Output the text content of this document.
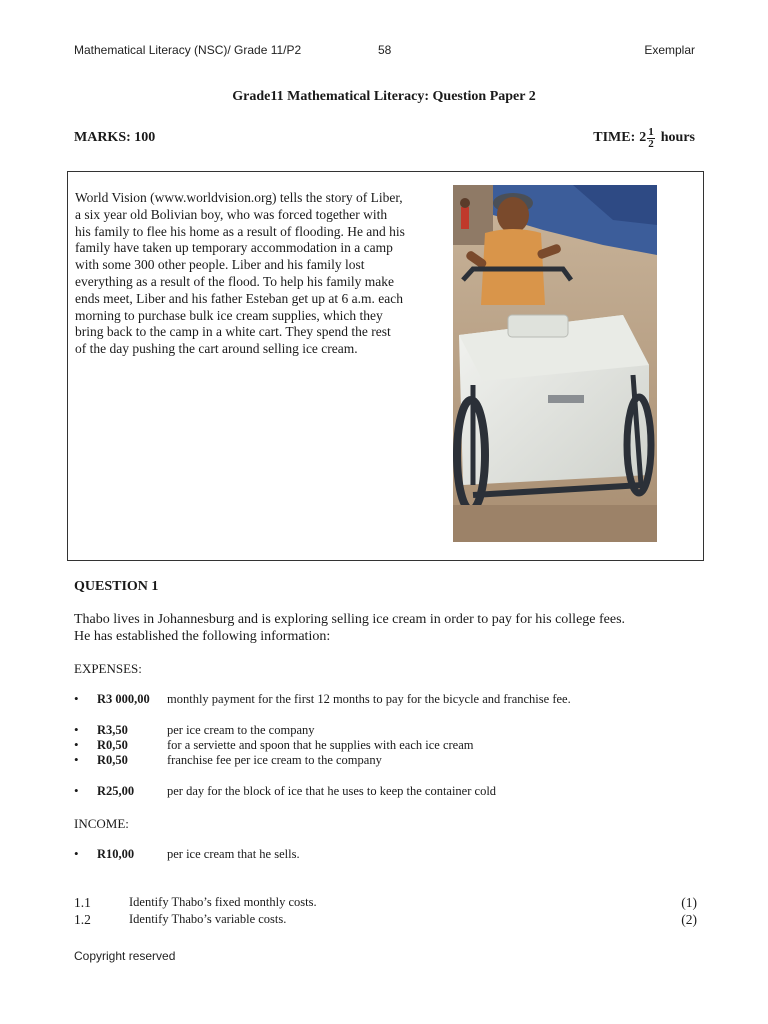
Mathematical Literacy (NSC)/ Grade 11/P2	58	Exemplar
Grade11 Mathematical Literacy: Question Paper 2
MARKS: 100	TIME: $2 \frac{1}{2}$ hours
World Vision (www.worldvision.org) tells the story of Liber, a six year old Bolivian boy, who was forced together with his family to flee his home as a result of flooding. He and his family have taken up temporary accommodation in a camp with some 300 other people. Liber and his family lost everything as a result of the flood. To help his family make ends meet, Liber and his father Esteban get up at 6 a.m. each morning to purchase bulk ice cream supplies, which they bring back to the camp in a white cart. They spend the rest of the day pushing the cart around selling ice cream.
QUESTION 1
Thabo lives in Johannesburg and is exploring selling ice cream in order to pay for his college fees. He has established the following information:
EXPENSES:
•	R3 000,00	monthly payment for the first 12 months to pay for the bicycle and franchise fee.
•	R3,50	per ice cream to the company
•	R0,50	for a serviette and spoon that he supplies with each ice cream
•	R0,50	franchise fee per ice cream to the company
•	R25,00	per day for the block of ice that he uses to keep the container cold
INCOME:
•	R10,00	per ice cream that he sells.
1.1	Identify Thabo’s fixed monthly costs.	(1)
1.2	Identify Thabo’s variable costs.	(2)
Copyright reserved
